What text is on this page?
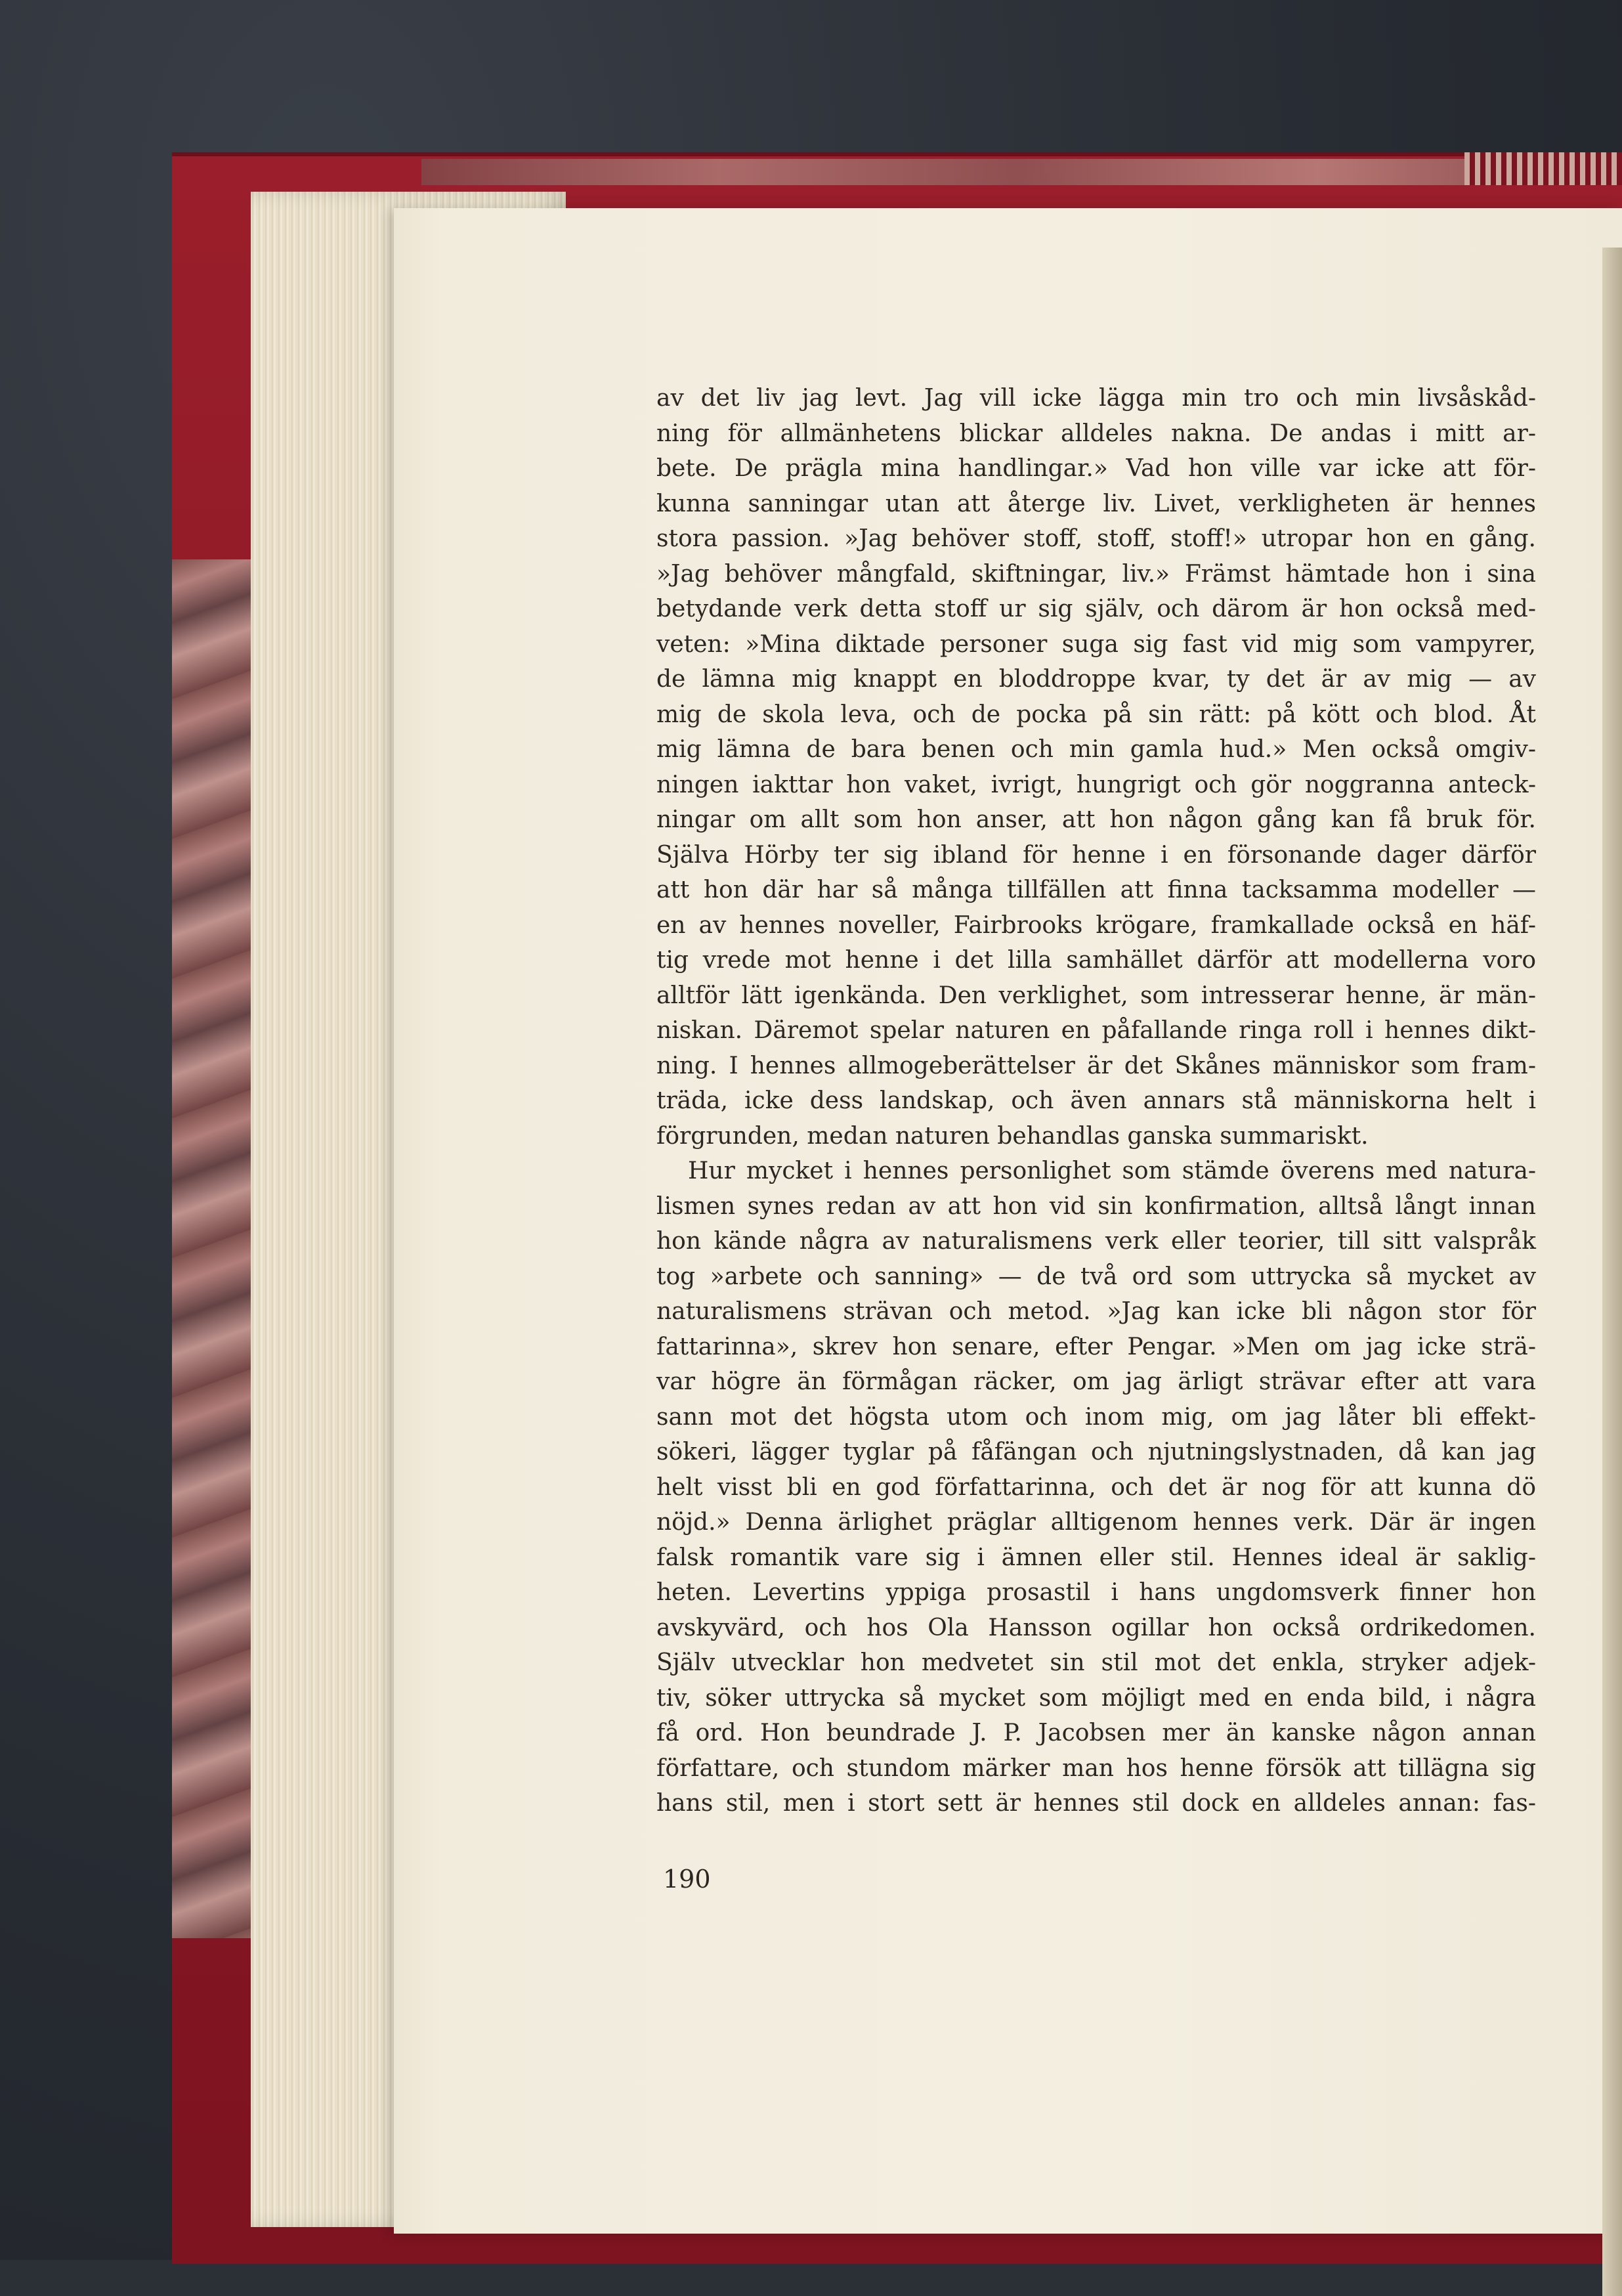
av det liv jag levt. Jag vill icke lägga min tro och min livsåskåd-
ning för allmänhetens blickar alldeles nakna. De andas i mitt ar-
bete. De prägla mina handlingar.» Vad hon ville var icke att för-
kunna sanningar utan att återge liv. Livet, verkligheten är hennes
stora passion. »Jag behöver stoff, stoff, stoff!» utropar hon en gång.
»Jag behöver mångfald, skiftningar, liv.» Främst hämtade hon i sina
betydande verk detta stoff ur sig själv, och därom är hon också med-
veten: »Mina diktade personer suga sig fast vid mig som vampyrer,
de lämna mig knappt en bloddroppe kvar, ty det är av mig — av
mig de skola leva, och de pocka på sin rätt: på kött och blod. Åt
mig lämna de bara benen och min gamla hud.» Men också omgiv-
ningen iakttar hon vaket, ivrigt, hungrigt och gör noggranna anteck-
ningar om allt som hon anser, att hon någon gång kan få bruk för.
Själva Hörby ter sig ibland för henne i en försonande dager därför
att hon där har så många tillfällen att finna tacksamma modeller —
en av hennes noveller, Fairbrooks krögare, framkallade också en häf-
tig vrede mot henne i det lilla samhället därför att modellerna voro
alltför lätt igenkända. Den verklighet, som intresserar henne, är män-
niskan. Däremot spelar naturen en påfallande ringa roll i hennes dikt-
ning. I hennes allmogeberättelser är det Skånes människor som fram-
träda, icke dess landskap, och även annars stå människorna helt i
förgrunden, medan naturen behandlas ganska summariskt.
Hur mycket i hennes personlighet som stämde överens med natura-
lismen synes redan av att hon vid sin konfirmation, alltså långt innan
hon kände några av naturalismens verk eller teorier, till sitt valspråk
tog »arbete och sanning» — de två ord som uttrycka så mycket av
naturalismens strävan och metod. »Jag kan icke bli någon stor för
fattarinna», skrev hon senare, efter Pengar. »Men om jag icke strä-
var högre än förmågan räcker, om jag ärligt strävar efter att vara
sann mot det högsta utom och inom mig, om jag låter bli effekt-
sökeri, lägger tyglar på fåfängan och njutningslystnaden, då kan jag
helt visst bli en god författarinna, och det är nog för att kunna dö
nöjd.» Denna ärlighet präglar alltigenom hennes verk. Där är ingen
falsk romantik vare sig i ämnen eller stil. Hennes ideal är saklig-
heten. Levertins yppiga prosastil i hans ungdomsverk finner hon
avskyvärd, och hos Ola Hansson ogillar hon också ordrikedomen.
Själv utvecklar hon medvetet sin stil mot det enkla, stryker adjek-
tiv, söker uttrycka så mycket som möjligt med en enda bild, i några
få ord. Hon beundrade J. P. Jacobsen mer än kanske någon annan
författare, och stundom märker man hos henne försök att tillägna sig
hans stil, men i stort sett är hennes stil dock en alldeles annan: fas-
190
